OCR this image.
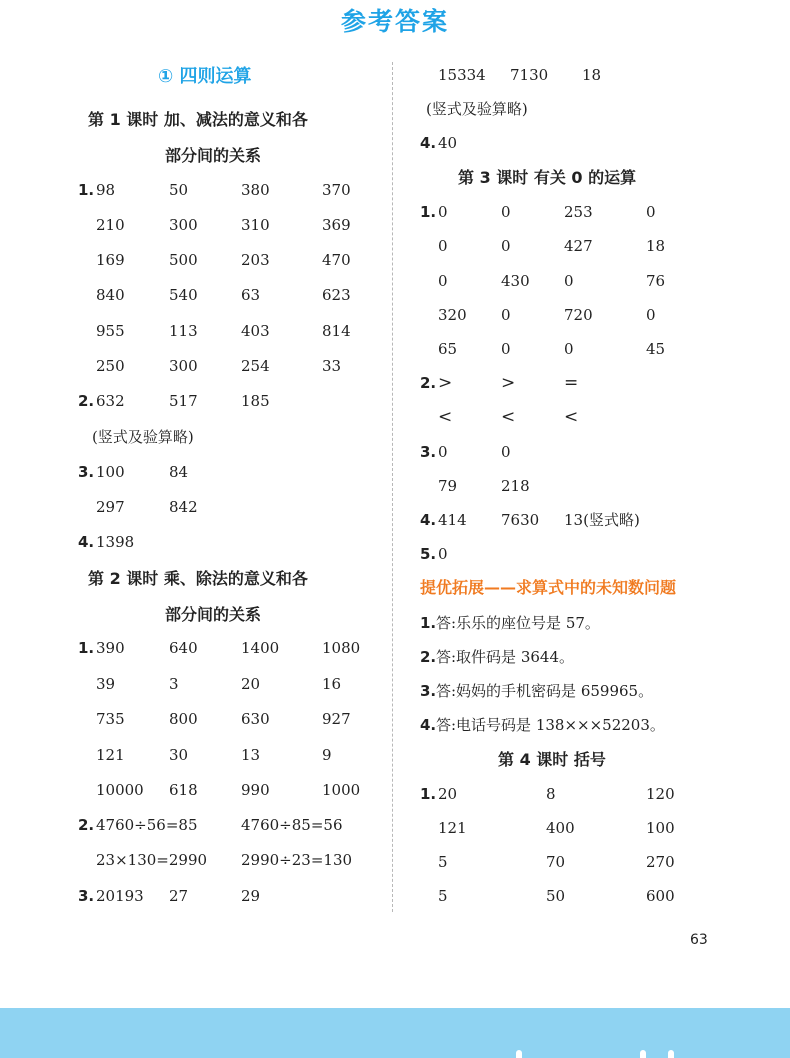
参考答案
① 四则运算
第 1 课时 加、减法的意义和各
部分间的关系
1. 98	50	380	370
210	300	310	369
169	500	203	470
840	540	63	623
955	113	403	814
250	300	254	33
2. 632	517	185
(竖式及验算略)
3. 100	84
297	842
4. 1398
第 2 课时 乘、除法的意义和各
部分间的关系
1. 390	640	1400	1080
39	3	20	16
735	800	630	927
121	30	13	9
10000 618	990	1000
2. 4760÷56=85	4760÷85=56
23×130=2990 2990÷23=130
3. 20193 27	29
15334 7130 18
(竖式及验算略)
4. 40
第 3 课时 有关 0 的运算
1. 0	0	253	0
0	0	427	18
0	430 0	76
320 0	720	0
65	0	0	45
2. >	>	=
<	<	<
3. 0	0
79	218
4. 414 7630 13(竖式略)
5. 0
提优拓展——求算式中的未知数问题
1. 答:乐乐的座位号是 57。
2. 答:取件码是 3644。
3. 答:妈妈的手机密码是 659965。
4. 答:电话号码是 138×××52203。
第 4 课时 括号
1. 20	8	120
121	400	100
5	70	270
5	50	600
63
